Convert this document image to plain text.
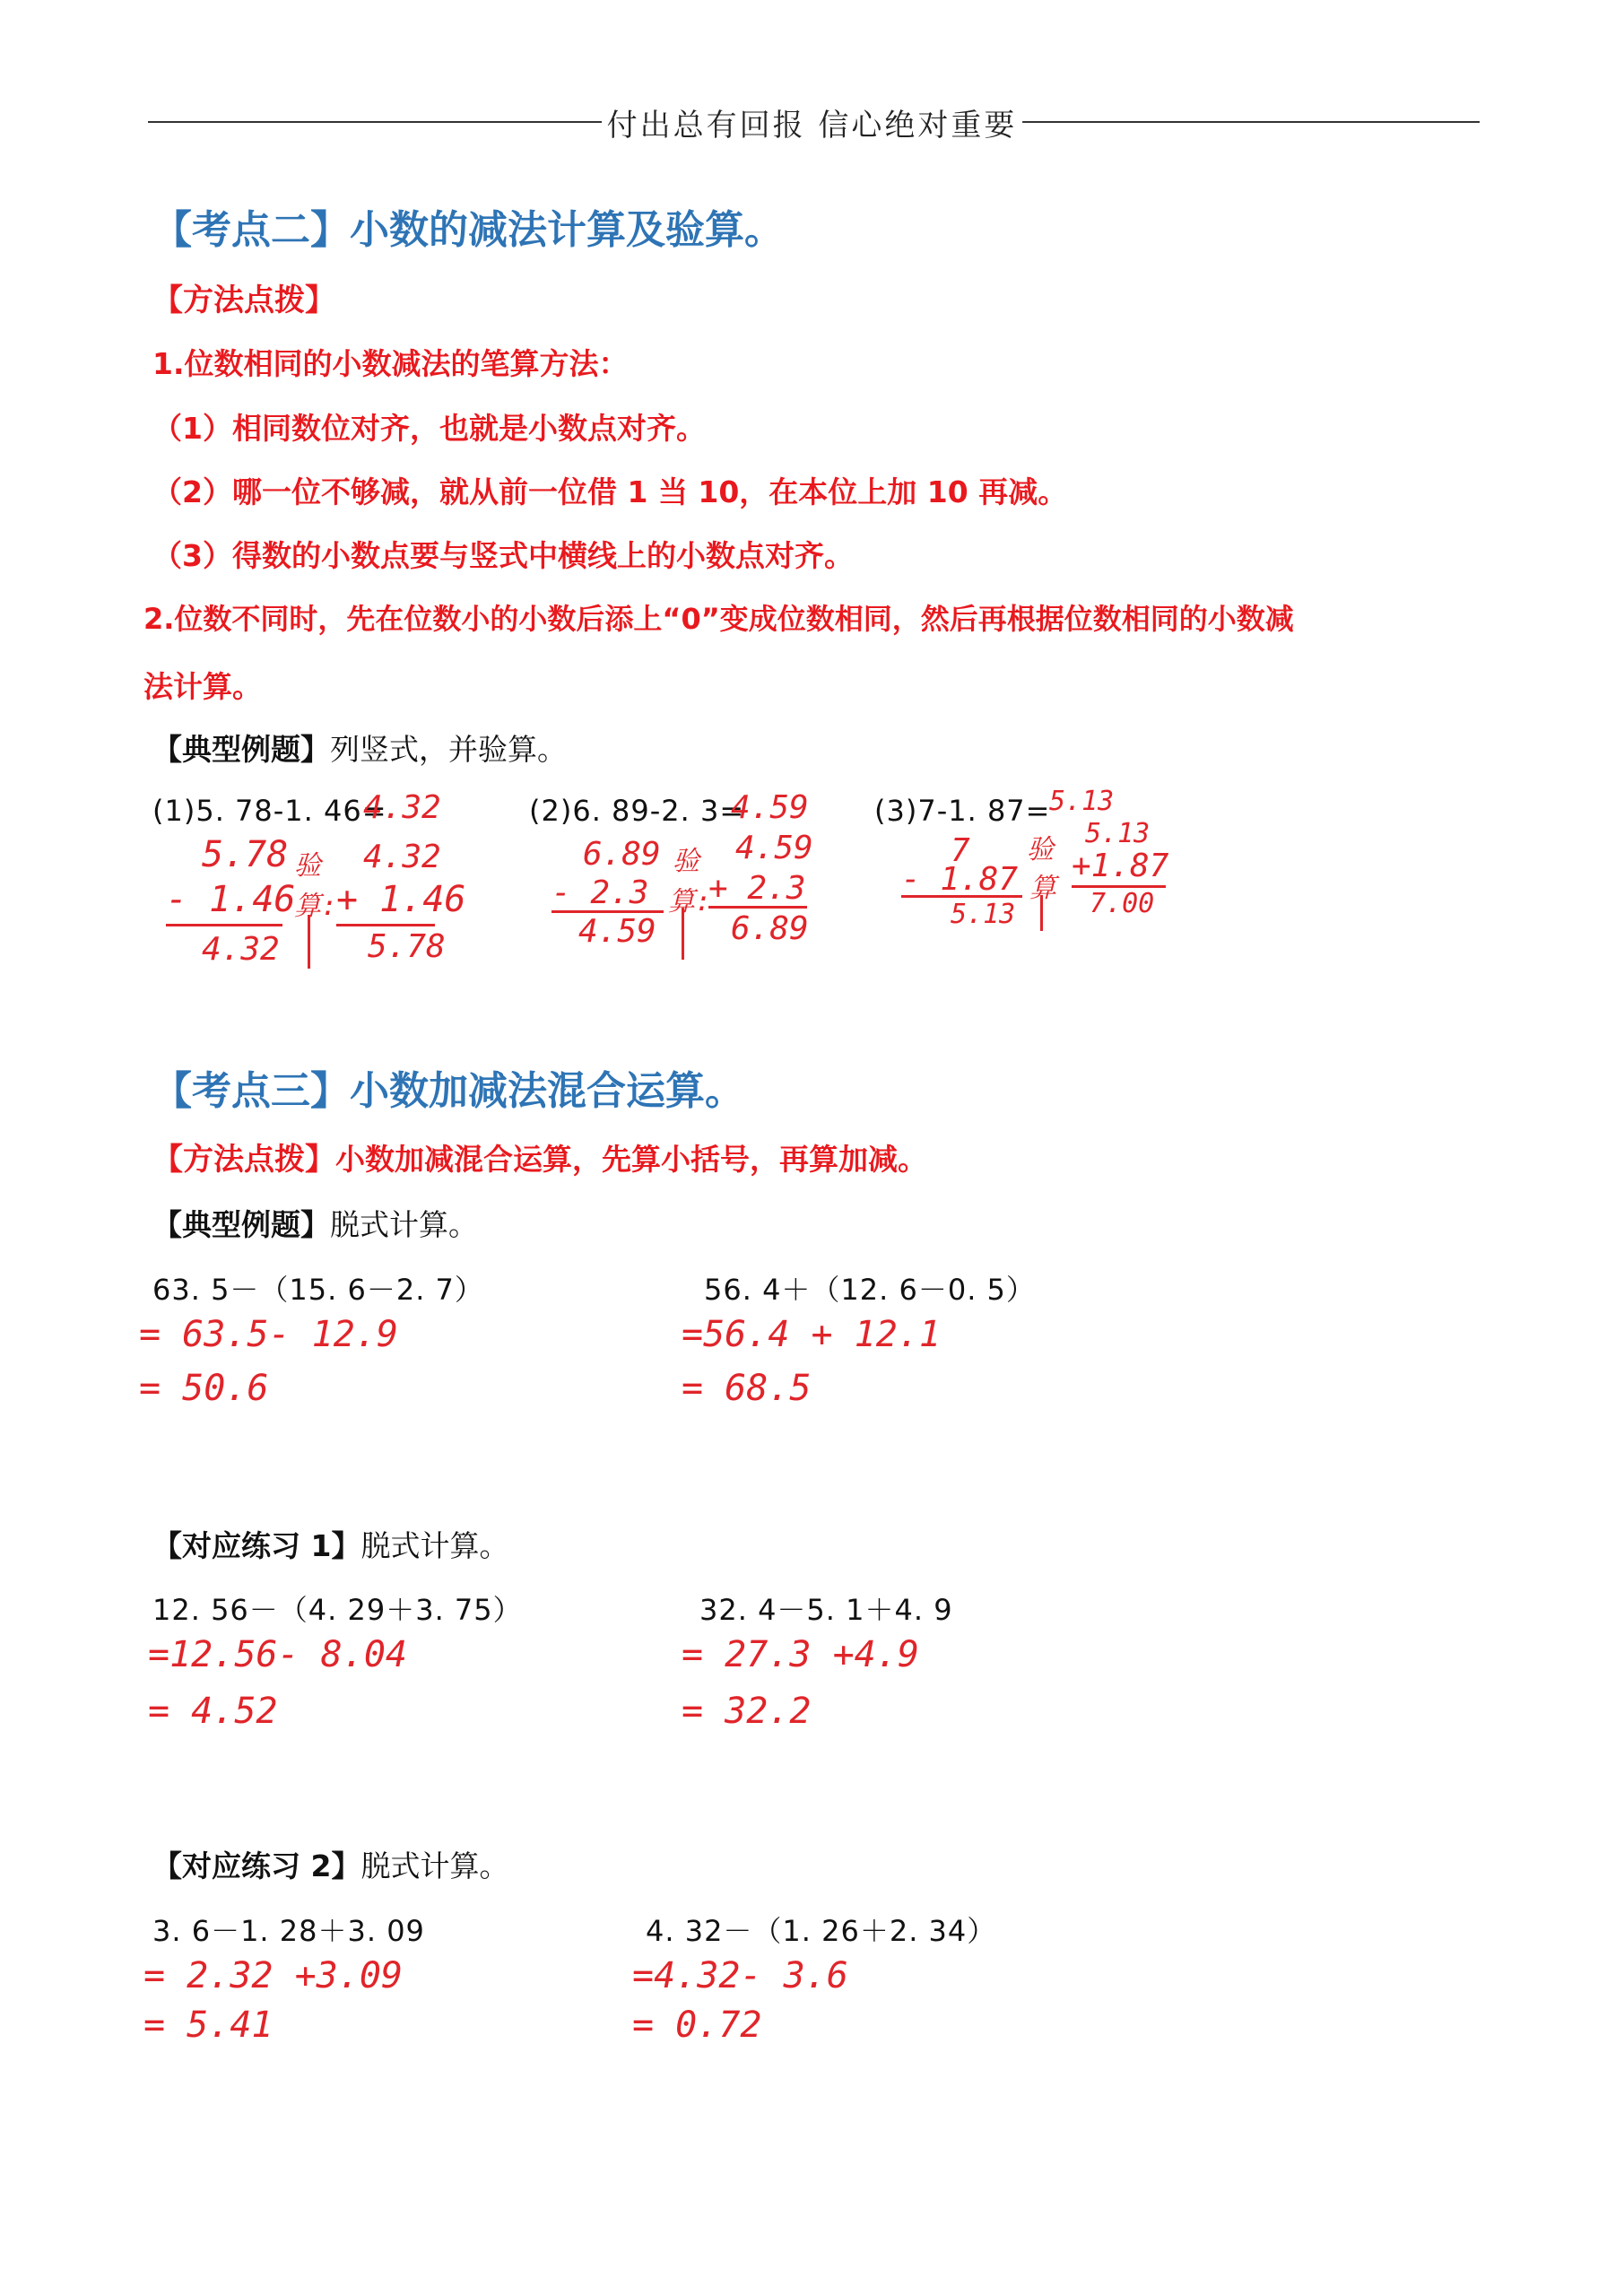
付出总有回报 信心绝对重要
【考点二】小数的减法计算及验算。
【方法点拨】
1.位数相同的小数减法的笔算方法：
（1）相同数位对齐，也就是小数点对齐。
（2）哪一位不够减，就从前一位借 1 当 10，在本位上加 10 再减。
（3）得数的小数点要与竖式中横线上的小数点对齐。
2.位数不同时，先在位数小的小数后添上“0”变成位数相同，然后再根据位数相同的小数减
法计算。
【典型例题】列竖式，并验算。
(1)5. 78-1. 46=
4.32
5.78
- 1.46
4.32
验
算:
4.32
+ 1.46
5.78
(2)6. 89-2. 3=
4.59
6.89
- 2.3
4.59
验
算:
4.59
+ 2.3
6.89
(3)7-1. 87=
5.13
7
- 1.87
5.13
验
算
5.13
+1.87
7.00
【考点三】小数加减法混合运算。
【方法点拨】小数加减混合运算，先算小括号，再算加减。
【典型例题】脱式计算。
63. 5－（15. 6－2. 7）
= 63.5- 12.9
= 50.6
56. 4＋（12. 6－0. 5）
=56.4 + 12.1
= 68.5
【对应练习 1】脱式计算。
12. 56－（4. 29＋3. 75）
=12.56- 8.04
= 4.52
32. 4－5. 1＋4. 9
= 27.3 +4.9
= 32.2
【对应练习 2】脱式计算。
3. 6－1. 28＋3. 09
= 2.32 +3.09
= 5.41
4. 32－（1. 26＋2. 34）
=4.32- 3.6
= 0.72
